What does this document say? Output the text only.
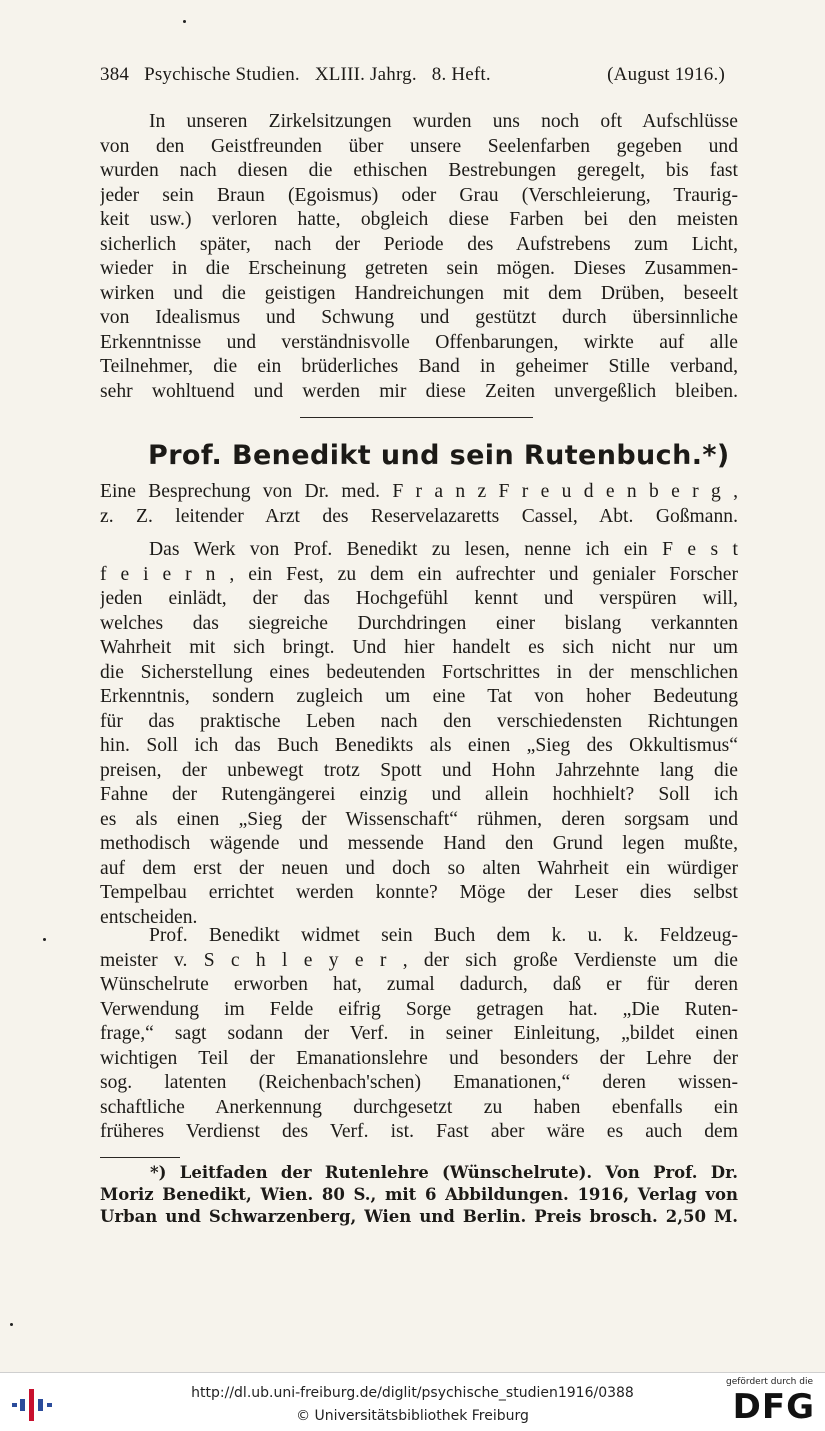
384 Psychische Studien. XLIII. Jahrg. 8. Heft.	(August 1916.)
In unseren Zirkelsitzungen wurden uns noch oft Aufschlüsse
von den Geistfreunden über unsere Seelenfarben gegeben und
wurden nach diesen die ethischen Bestrebungen geregelt, bis fast
jeder sein Braun (Egoismus) oder Grau (Verschleierung, Traurig-
keit usw.) verloren hatte, obgleich diese Farben bei den meisten
sicherlich später, nach der Periode des Aufstrebens zum Licht,
wieder in die Erscheinung getreten sein mögen. Dieses Zusammen-
wirken und die geistigen Handreichungen mit dem Drüben, beseelt
von Idealismus und Schwung und gestützt durch übersinnliche
Erkenntnisse und verständnisvolle Offenbarungen, wirkte auf alle
Teilnehmer, die ein brüderliches Band in geheimer Stille verband,
sehr wohltuend und werden mir diese Zeiten unvergeßlich bleiben.
Prof. Benedikt und sein Rutenbuch.*)
Eine Besprechung von Dr. med. F r a n z F r e u d e n b e r g ,
z. Z. leitender Arzt des Reservelazaretts Cassel, Abt. Goßmann.
Das Werk von Prof. Benedikt zu lesen, nenne ich ein F e s t
f e i e r n , ein Fest, zu dem ein aufrechter und genialer Forscher
jeden einlädt, der das Hochgefühl kennt und verspüren will,
welches das siegreiche Durchdringen einer bislang verkannten
Wahrheit mit sich bringt. Und hier handelt es sich nicht nur um
die Sicherstellung eines bedeutenden Fortschrittes in der menschlichen
Erkenntnis, sondern zugleich um eine Tat von hoher Bedeutung
für das praktische Leben nach den verschiedensten Richtungen
hin. Soll ich das Buch Benedikts als einen „Sieg des Okkultismus“
preisen, der unbewegt trotz Spott und Hohn Jahrzehnte lang die
Fahne der Rutengängerei einzig und allein hochhielt? Soll ich
es als einen „Sieg der Wissenschaft“ rühmen, deren sorgsam und
methodisch wägende und messende Hand den Grund legen mußte,
auf dem erst der neuen und doch so alten Wahrheit ein würdiger
Tempelbau errichtet werden konnte? Möge der Leser dies selbst
entscheiden.
Prof. Benedikt widmet sein Buch dem k. u. k. Feldzeug-
meister v. S c h l e y e r , der sich große Verdienste um die
Wünschelrute erworben hat, zumal dadurch, daß er für deren
Verwendung im Felde eifrig Sorge getragen hat. „Die Ruten-
frage,“ sagt sodann der Verf. in seiner Einleitung, „bildet einen
wichtigen Teil der Emanationslehre und besonders der Lehre der
sog. latenten (Reichenbach'schen) Emanationen,“ deren wissen-
schaftliche Anerkennung durchgesetzt zu haben ebenfalls ein
früheres Verdienst des Verf. ist. Fast aber wäre es auch dem
*) Leitfaden der Rutenlehre (Wünschelrute). Von Prof. Dr.
Moriz Benedikt, Wien. 80 S., mit 6 Abbildungen. 1916, Verlag von
Urban und Schwarzenberg, Wien und Berlin. Preis brosch. 2,50 M.
http://dl.ub.uni-freiburg.de/diglit/psychische_studien1916/0388
© Universitätsbibliothek Freiburg
gefördert durch die
DFG
